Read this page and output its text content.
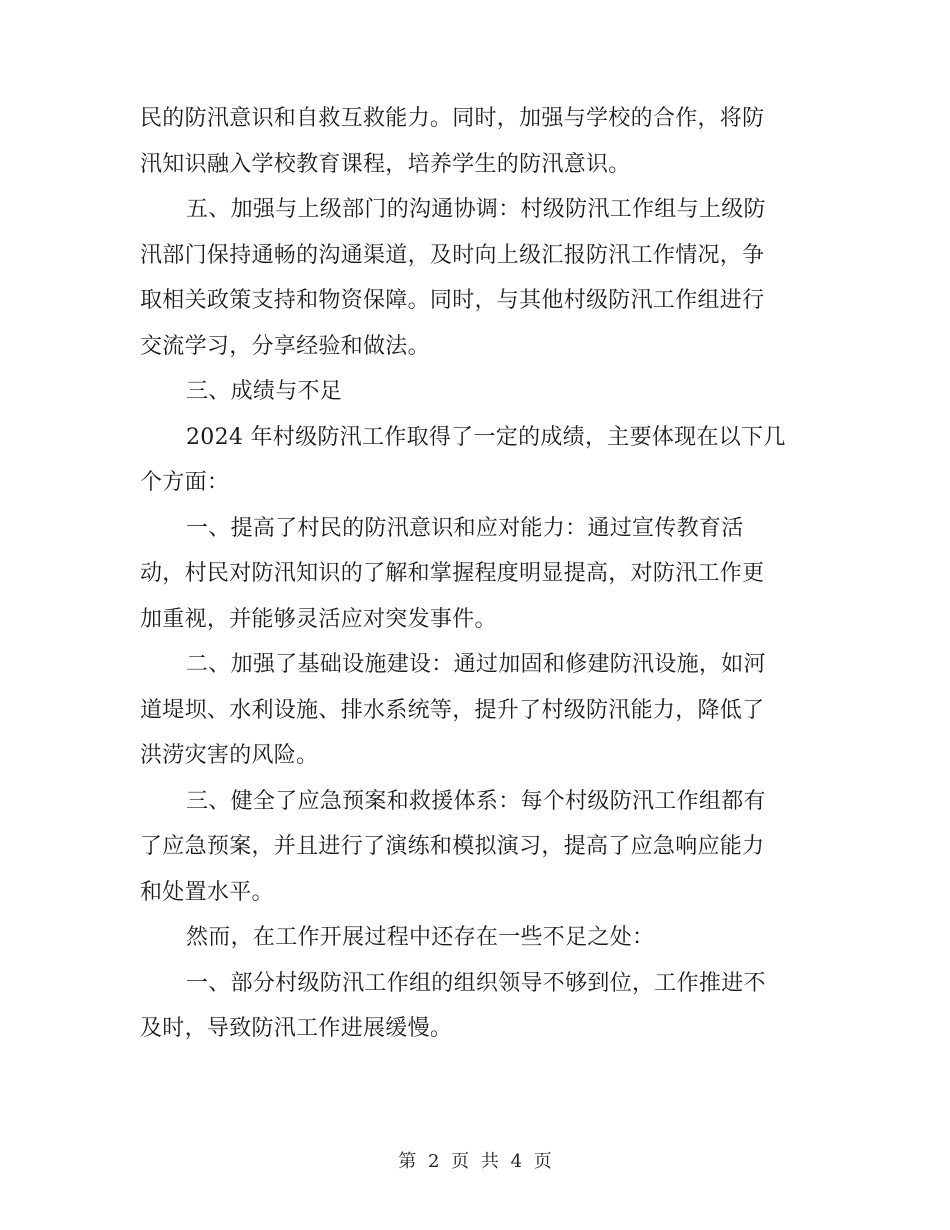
民的防汛意识和自救互救能力。同时，加强与学校的合作，将防
汛知识融入学校教育课程，培养学生的防汛意识。

五、加强与上级部门的沟通协调：村级防汛工作组与上级防
汛部门保持通畅的沟通渠道，及时向上级汇报防汛工作情况，争
取相关政策支持和物资保障。同时，与其他村级防汛工作组进行
交流学习，分享经验和做法。

三、成绩与不足

2024 年村级防汛工作取得了一定的成绩，主要体现在以下几
个方面：

一、提高了村民的防汛意识和应对能力：通过宣传教育活
动，村民对防汛知识的了解和掌握程度明显提高，对防汛工作更
加重视，并能够灵活应对突发事件。

二、加强了基础设施建设：通过加固和修建防汛设施，如河
道堤坝、水利设施、排水系统等，提升了村级防汛能力，降低了
洪涝灾害的风险。

三、健全了应急预案和救援体系：每个村级防汛工作组都有
了应急预案，并且进行了演练和模拟演习，提高了应急响应能力
和处置水平。

然而，在工作开展过程中还存在一些不足之处：

一、部分村级防汛工作组的组织领导不够到位，工作推进不
及时，导致防汛工作进展缓慢。

第 2 页 共 4 页
